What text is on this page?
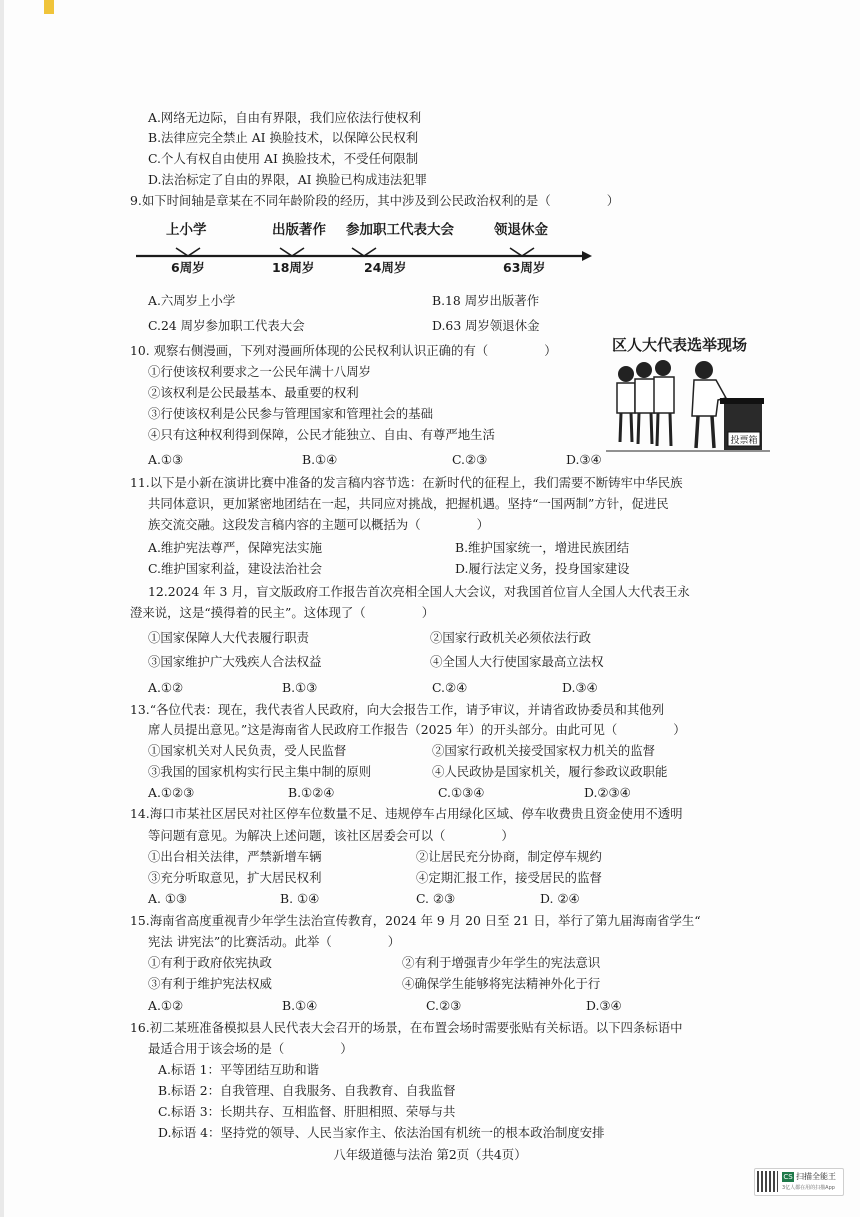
A.网络无边际，自由有界限，我们应依法行使权利
B.法律应完全禁止 AI 换脸技术，以保障公民权利
C.个人有权自由使用 AI 换脸技术，不受任何限制
D.法治标定了自由的界限，AI 换脸已构成违法犯罪
9.如下时间轴是章某在不同年龄阶段的经历，其中涉及到公民政治权利的是（	）
上小学	出版著作 参加职工代表大会	领退休金
6周岁	18周岁	24周岁	63周岁
A.六周岁上小学	B.18 周岁出版著作
C.24 周岁参加职工代表大会	D.63 周岁领退休金
10. 观察右侧漫画，下列对漫画所体现的公民权利认识正确的有（	）	区人大代表选举现场
投票箱
①行使该权利要求之一公民年满十八周岁
②该权利是公民最基本、最重要的权利
③行使该权利是公民参与管理国家和管理社会的基础
④只有这种权利得到保障，公民才能独立、自由、有尊严地生活
A.①③	B.①④	C.②③	D.③④
11.以下是小新在演讲比赛中准备的发言稿内容节选：在新时代的征程上，我们需要不断铸牢中华民族
共同体意识，更加紧密地团结在一起，共同应对挑战，把握机遇。坚持“一国两制”方针，促进民
族交流交融。这段发言稿内容的主题可以概括为（	）
A.维护宪法尊严，保障宪法实施	B.维护国家统一，增进民族团结
C.维护国家利益，建设法治社会	D.履行法定义务，投身国家建设
12.2024 年 3 月，盲文版政府工作报告首次亮相全国人大会议，对我国首位盲人全国人大代表王永
澄来说，这是“摸得着的民主”。这体现了（	）
①国家保障人大代表履行职责	②国家行政机关必须依法行政
③国家维护广大残疾人合法权益	④全国人大行使国家最高立法权
A.①②	B.①③	C.②④	D.③④
13.“各位代表：现在，我代表省人民政府，向大会报告工作，请予审议，并请省政协委员和其他列
席人员提出意见。”这是海南省人民政府工作报告（2025 年）的开头部分。由此可见（	）
①国家机关对人民负责，受人民监督	②国家行政机关接受国家权力机关的监督
③我国的国家机构实行民主集中制的原则	④人民政协是国家机关，履行参政议政职能
A.①②③	B.①②④	C.①③④	D.②③④
14.海口市某社区居民对社区停车位数量不足、违规停车占用绿化区域、停车收费贵且资金使用不透明
等问题有意见。为解决上述问题，该社区居委会可以（	）
①出台相关法律，严禁新增车辆	②让居民充分协商，制定停车规约
③充分听取意见，扩大居民权利	④定期汇报工作，接受居民的监督
A. ①③	B. ①④	C. ②③	D. ②④
15.海南省高度重视青少年学生法治宣传教育，2024 年 9 月 20 日至 21 日，举行了第九届海南省学生“
宪法 讲宪法”的比赛活动。此举（	）
①有利于政府依宪执政	②有利于增强青少年学生的宪法意识
③有利于维护宪法权威	④确保学生能够将宪法精神外化于行
A.①②	B.①④	C.②③	D.③④
16.初二某班准备模拟县人民代表大会召开的场景，在布置会场时需要张贴有关标语。以下四条标语中
最适合用于该会场的是（	）
A.标语 1：平等团结互助和谐
B.标语 2：自我管理、自我服务、自我教育、自我监督
C.标语 3：长期共存、互相监督、肝胆相照、荣辱与共
D.标语 4：坚持党的领导、人民当家作主、依法治国有机统一的根本政治制度安排
八年级道德与法治 第2页（共4页）
CS 扫描全能王
3亿人都在用的扫描App
